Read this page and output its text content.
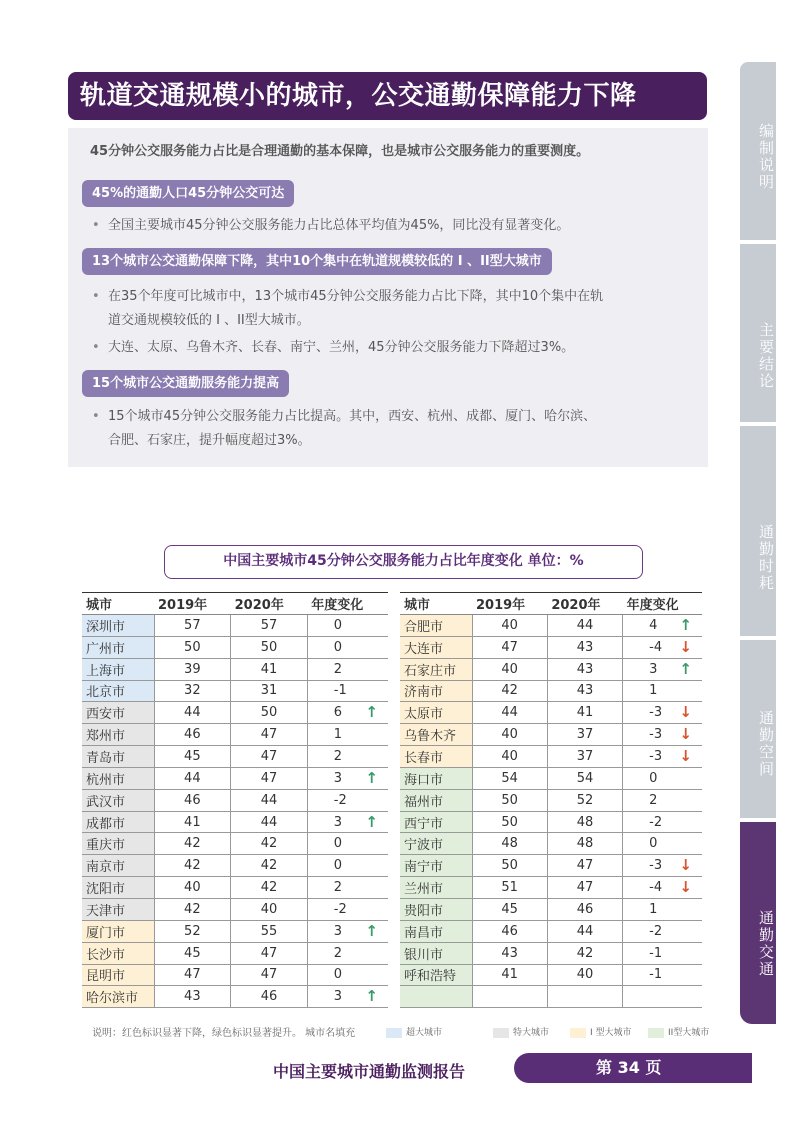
轨道交通规模小的城市，公交通勤保障能力下降
45分钟公交服务能力占比是合理通勤的基本保障，也是城市公交服务能力的重要测度。
45%的通勤人口45分钟公交可达
• 全国主要城市45分钟公交服务能力占比总体平均值为45%，同比没有显著变化。
13个城市公交通勤保障下降，其中10个集中在轨道规模较低的 I 、II型大城市
• 在35个年度可比城市中，13个城市45分钟公交服务能力占比下降，其中10个集中在轨
道交通规模较低的 I 、II型大城市。
• 大连、太原、乌鲁木齐、长春、南宁、兰州，45分钟公交服务能力下降超过3%。
15个城市公交通勤服务能力提高
• 15个城市45分钟公交服务能力占比提高。其中，西安、杭州、成都、厦门、哈尔滨、
合肥、石家庄，提升幅度超过3%。
编制说明
主要结论
通勤时耗
通勤空间
通勤交通
中国主要城市45分钟公交服务能力占比年度变化 单位：%
城市	2019年	2020年	年度变化
深圳市	57	57	0
广州市	50	50	0
上海市	39	41	2
北京市	32	31	-1
西安市	44	50	6 ↑

郑州市	46	47	1
青岛市	45	47	2
杭州市	44	47	3 ↑

武汉市	46	44	-2
成都市	41	44	3 ↑

重庆市	42	42	0
南京市	42	42	0
沈阳市	40	42	2
天津市	42	40	-2
厦门市	52	55	3 ↑

长沙市	45	47	2
昆明市	47	47	0
哈尔滨市	43	46	3 ↑
城市	2019年	2020年	年度变化
合肥市	40	44	4 ↑

大连市	47	43	-4 ↓

石家庄市	40	43	3 ↑

济南市	42	43	1
太原市	44	41	-3 ↓

乌鲁木齐	40	37	-3 ↓

长春市	40	37	-3 ↓

海口市	54	54	0
福州市	50	52	2
西宁市	50	48	-2
宁波市	48	48	0
南宁市	50	47	-3 ↓

兰州市	51	47	-4 ↓

贵阳市	45	46	1
南昌市	46	44	-2
银川市	43	42	-1
呼和浩特	41	40	-1

说明：红色标识显著下降，绿色标识显著提升。 城市名填充	超大城市	特大城市	I 型大城市	II型大城市
中国主要城市通勤监测报告	第 34 页
